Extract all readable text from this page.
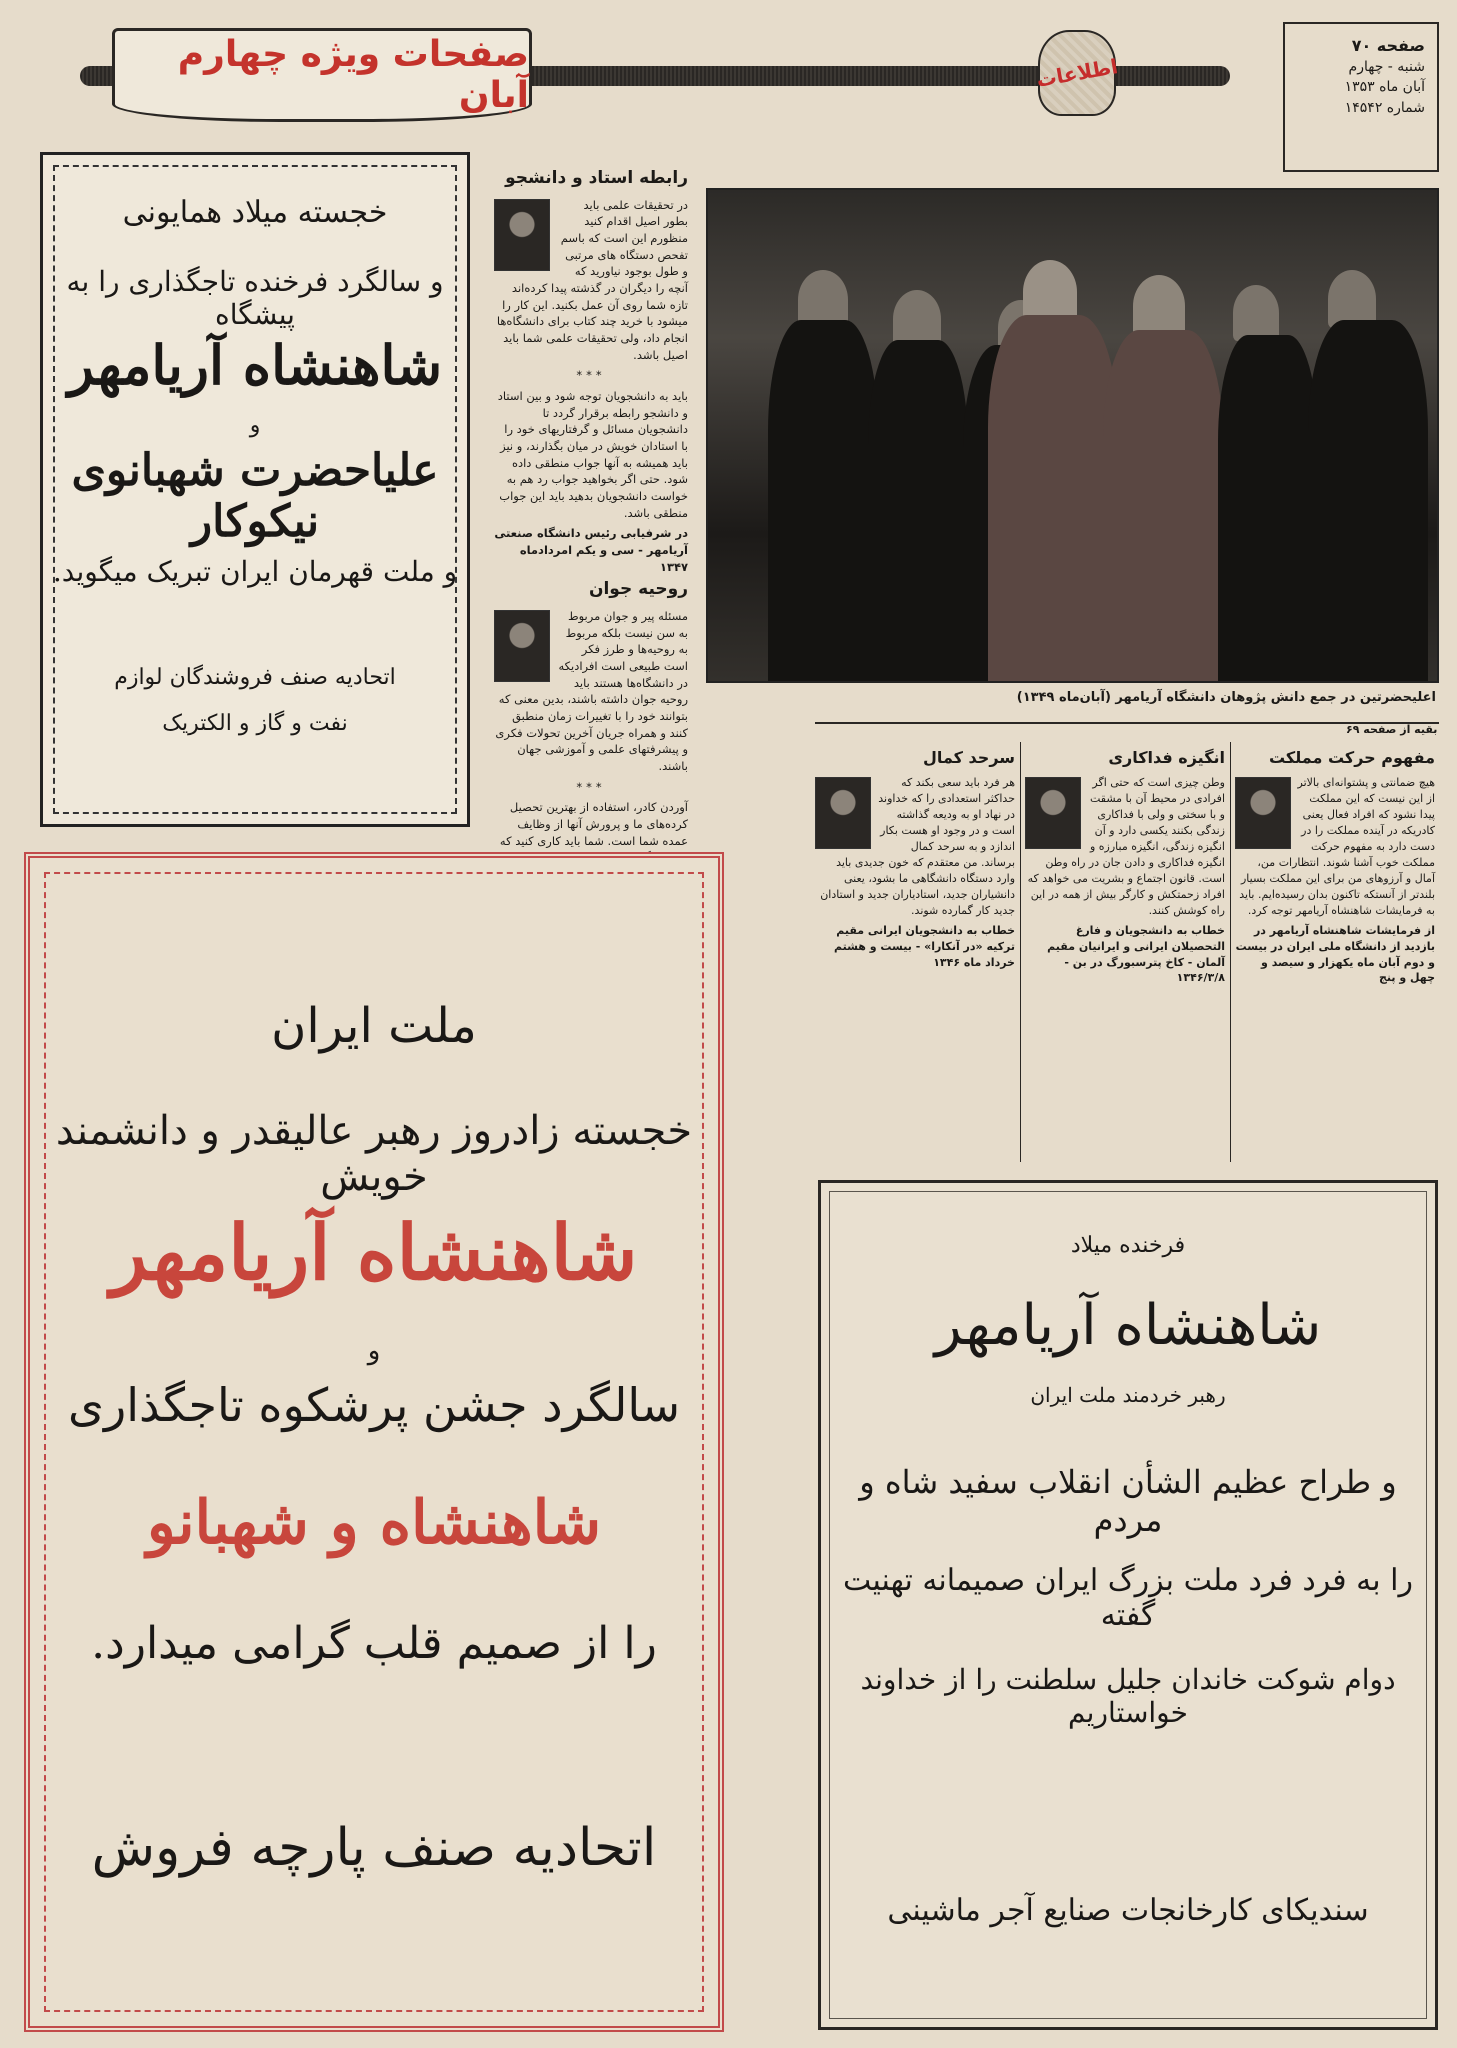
صفحات ویژه چهارم آبان
اطلاعات
صفحه ۷۰
شنبه - چهارم
آبان ماه ۱۳۵۳
شماره ۱۴۵۴۲
خجسته میلاد همایونی
و سالگرد فرخنده تاجگذاری را به پیشگاه
شاهنشاه آریامهر
و
علیاحضرت شهبانوی نیکوکار
و ملت قهرمان ایران تبریک میگوید.
اتحادیه صنف فروشندگان لوازم
نفت و گاز و الکتریک
رابطه استاد و دانشجو
در تحقیقات علمی باید بطور اصیل اقدام کنید منظورم این است که باسم تفحص دستگاه های مرتبی و طول بوجود نیاورید که آنچه را دیگران در گذشته پیدا کرده‌اند تازه شما روی آن عمل بکنید. این کار را میشود با خرید چند کتاب برای دانشگاه‌ها انجام داد، ولی تحقیقات علمی شما باید اصیل باشد.
***
باید به دانشجویان توجه شود و بین استاد و دانشجو رابطه برقرار گردد تا دانشجویان مسائل و گرفتاریهای خود را با استادان خویش در میان بگذارند، و نیز باید همیشه به آنها جواب منطقی داده شود. حتی اگر بخواهید جواب رد هم به خواست دانشجویان بدهید باید این جواب منطقی باشد.
در شرفیابی رئیس دانشگاه صنعتی آریامهر - سی و یکم امردادماه ۱۳۴۷
روحیه جوان
مسئله پیر و جوان مربوط به سن نیست بلکه مربوط به روحیه‌ها و طرز فکر است طبیعی است افرادیکه در دانشگاه‌ها هستند باید روحیه جوان داشته باشند، بدین معنی که بتوانند خود را با تغییرات زمان منطبق کنند و همراه جریان آخرین تحولات فکری و پیشرفتهای علمی و آموزشی جهان باشند.
***
آوردن کادر، استفاده از بهترین تحصیل کرده‌های ما و پرورش آنها از وظایف عمده شما است. شما باید کاری کنید که
اعلیحضرتین در جمع دانش پژوهان دانشگاه آریامهر (آبان‌ماه ۱۳۴۹)
مفهوم حرکت مملکت
هیچ ضمانتی و پشتوانه‌ای بالاتر از این نیست که این مملکت پیدا نشود که افراد فعال یعنی کادریکه در آینده مملکت را در دست دارد به مفهوم حرکت مملکت خوب آشنا شوند. انتظارات من، آمال و آرزوهای من برای این مملکت بسیار بلندتر از آنستکه تاکنون بدان رسیده‌ایم. باید به فرمایشات شاهنشاه آریامهر توجه کرد.
از فرمایشات شاهنشاه آریامهر در بازدید از دانشگاه ملی ایران در بیست و دوم آبان ماه یکهزار و سیصد و چهل و پنج
انگیزه فداکاری
وطن چیزی است که حتی اگر افرادی در محیط آن با مشقت و با سختی و ولی با فداکاری زندگی بکنند یکسی دارد و آن انگیزه زندگی، انگیزه مبارزه و انگیزه فداکاری و دادن جان در راه وطن است. قانون اجتماع و بشریت می خواهد که افراد زحمتکش و کارگر بیش از همه در این راه کوشش کنند.
خطاب به دانشجویان و فارغ التحصیلان ایرانی و ایرانیان مقیم آلمان - کاخ پترسبورگ در بن - ۱۳۴۶/۳/۸
سرحد کمال
هر فرد باید سعی بکند که حداکثر استعدادی را که خداوند در نهاد او به ودیعه گذاشته است و در وجود او هست بکار اندازد و به سرحد کمال برساند. من معتقدم که خون جدیدی باید وارد دستگاه دانشگاهی ما بشود، یعنی دانشیاران جدید، استادیاران جدید و استادان جدید کار گمارده شوند.
خطاب به دانشجویان ایرانی مقیم ترکیه «در آنکارا» - بیست و هشتم خرداد ماه ۱۳۴۶
بقیه از صفحه ۶۹
ملت ایران
خجسته زادروز رهبر عالیقدر و دانشمند خویش
شاهنشاه آریامهر
و
سالگرد جشن پرشکوه تاجگذاری
شاهنشاه و شهبانو
را از صمیم قلب گرامی میدارد.
اتحادیه صنف پارچه فروش
فرخنده میلاد
شاهنشاه آریامهر
رهبر خردمند ملت ایران
و طراح عظیم الشأن انقلاب سفید شاه و مردم
را به فرد فرد ملت بزرگ ایران صمیمانه تهنیت گفته
دوام شوکت خاندان جلیل سلطنت را از خداوند خواستاریم
سندیکای کارخانجات صنایع آجر ماشینی
